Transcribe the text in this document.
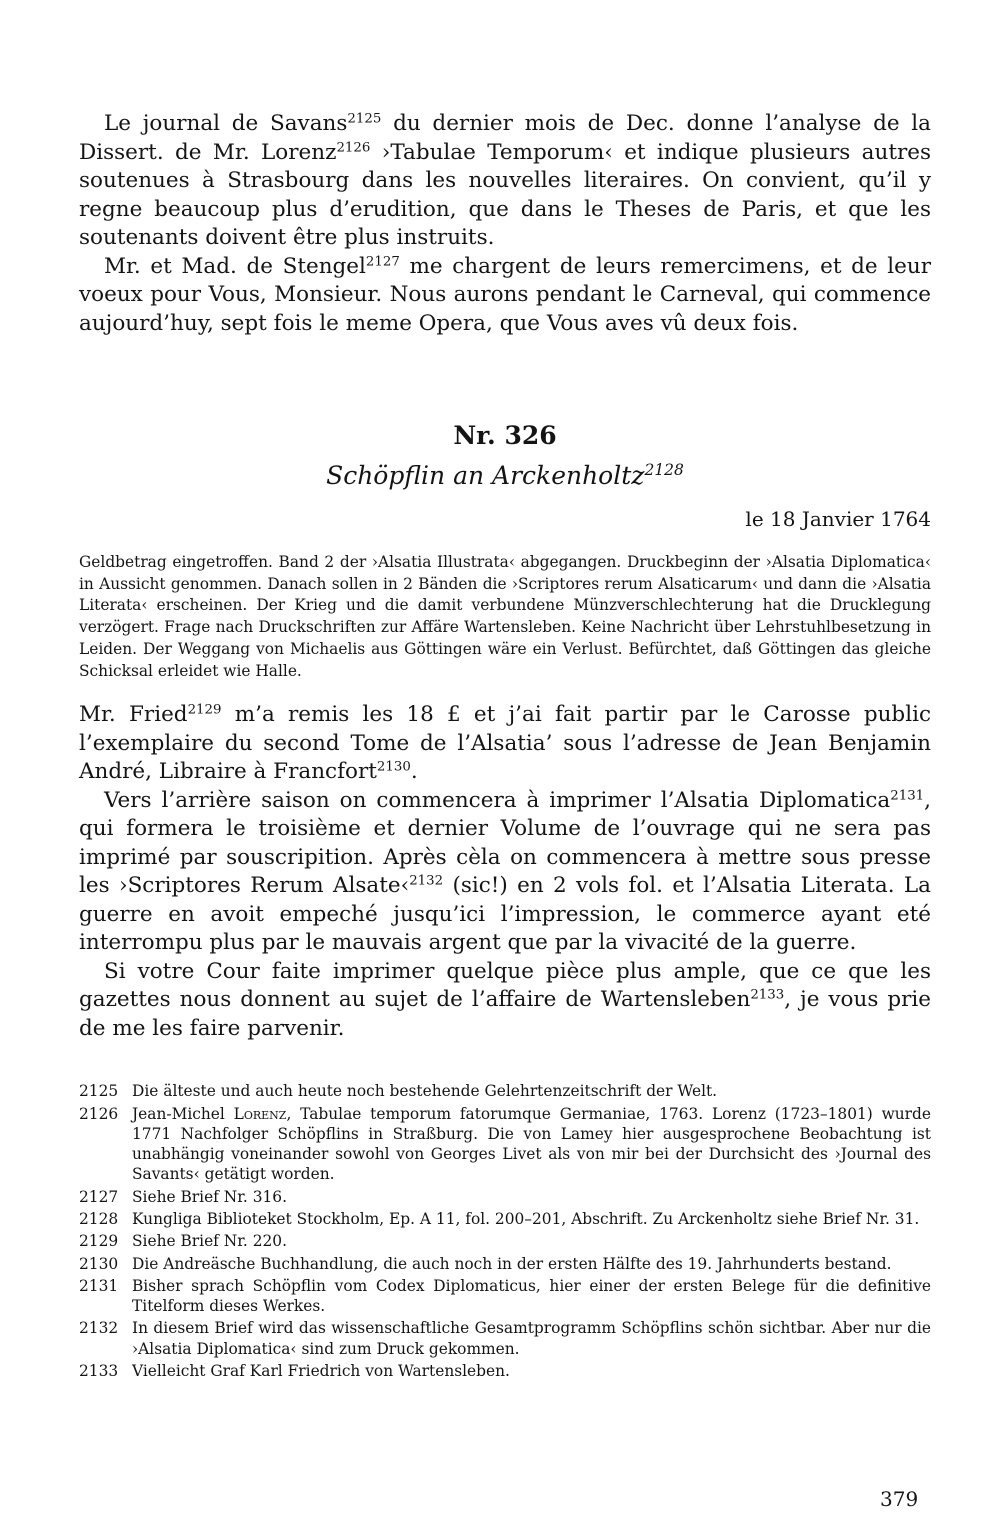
Le journal de Savans$^{2125}$ du dernier mois de Dec. donne l’analyse de la Dissert. de Mr. Lorenz$^{2126}$ ›Tabulae Temporum‹ et indique plusieurs autres soutenues à Strasbourg dans les nouvelles literaires. On convient, qu’il y regne beaucoup plus d’erudition, que dans le Theses de Paris, et que les soutenants doivent être plus instruits.

Mr. et Mad. de Stengel$^{2127}$ me chargent de leurs remercimens, et de leur voeux pour Vous, Monsieur. Nous aurons pendant le Carneval, qui commence aujourd’huy, sept fois le meme Opera, que Vous aves vû deux fois.

Nr. 326
Schöpflin an Arckenholtz$^{2128}$
le 18 Janvier 1764

Geldbetrag eingetroffen. Band 2 der ›Alsatia Illustrata‹ abgegangen. Druckbeginn der ›Alsatia Diplomatica‹ in Aussicht genommen. Danach sollen in 2 Bänden die ›Scriptores rerum Alsaticarum‹ und dann die ›Alsatia Literata‹ erscheinen. Der Krieg und die damit verbundene Münzverschlechterung hat die Drucklegung verzögert. Frage nach Druckschriften zur Affäre Wartensleben. Keine Nachricht über Lehrstuhlbesetzung in Leiden. Der Weggang von Michaelis aus Göttingen wäre ein Verlust. Befürchtet, daß Göttingen das gleiche Schicksal erleidet wie Halle.

Mr. Fried$^{2129}$ m’a remis les 18 £ et j’ai fait partir par le Carosse public l’exemplaire du second Tome de l’Alsatia’ sous l’adresse de Jean Benjamin André, Libraire à Francfort$^{2130}$.

Vers l’arrière saison on commencera à imprimer l’Alsatia Diplomatica$^{2131}$, qui formera le troisième et dernier Volume de l’ouvrage qui ne sera pas imprimé par souscripition. Après cèla on commencera à mettre sous presse les ›Scriptores Rerum Alsate‹$^{2132}$ (sic!) en 2 vols fol. et l’Alsatia Literata. La guerre en avoit empeché jusqu’ici l’impression, le commerce ayant eté interrompu plus par le mauvais argent que par la vivacité de la guerre.

Si votre Cour faite imprimer quelque pièce plus ample, que ce que les gazettes nous donnent au sujet de l’affaire de Wartensleben$^{2133}$, je vous prie de me les faire parvenir.

2125 Die älteste und auch heute noch bestehende Gelehrtenzeitschrift der Welt.
2126 Jean-Michel Lorenz, Tabulae temporum fatorumque Germaniae, 1763. Lorenz (1723–1801) wurde 1771 Nachfolger Schöpflins in Straßburg. Die von Lamey hier ausgesprochene Beobachtung ist unabhängig voneinander sowohl von Georges Livet als von mir bei der Durchsicht des ›Journal des Savants‹ getätigt worden.
2127 Siehe Brief Nr. 316.
2128 Kungliga Biblioteket Stockholm, Ep. A 11, fol. 200–201, Abschrift. Zu Arckenholtz siehe Brief Nr. 31.
2129 Siehe Brief Nr. 220.
2130 Die Andreäsche Buchhandlung, die auch noch in der ersten Hälfte des 19. Jahrhunderts bestand.
2131 Bisher sprach Schöpflin vom Codex Diplomaticus, hier einer der ersten Belege für die definitive Titelform dieses Werkes.
2132 In diesem Brief wird das wissenschaftliche Gesamtprogramm Schöpflins schön sichtbar. Aber nur die ›Alsatia Diplomatica‹ sind zum Druck gekommen.
2133 Vielleicht Graf Karl Friedrich von Wartensleben.
379
